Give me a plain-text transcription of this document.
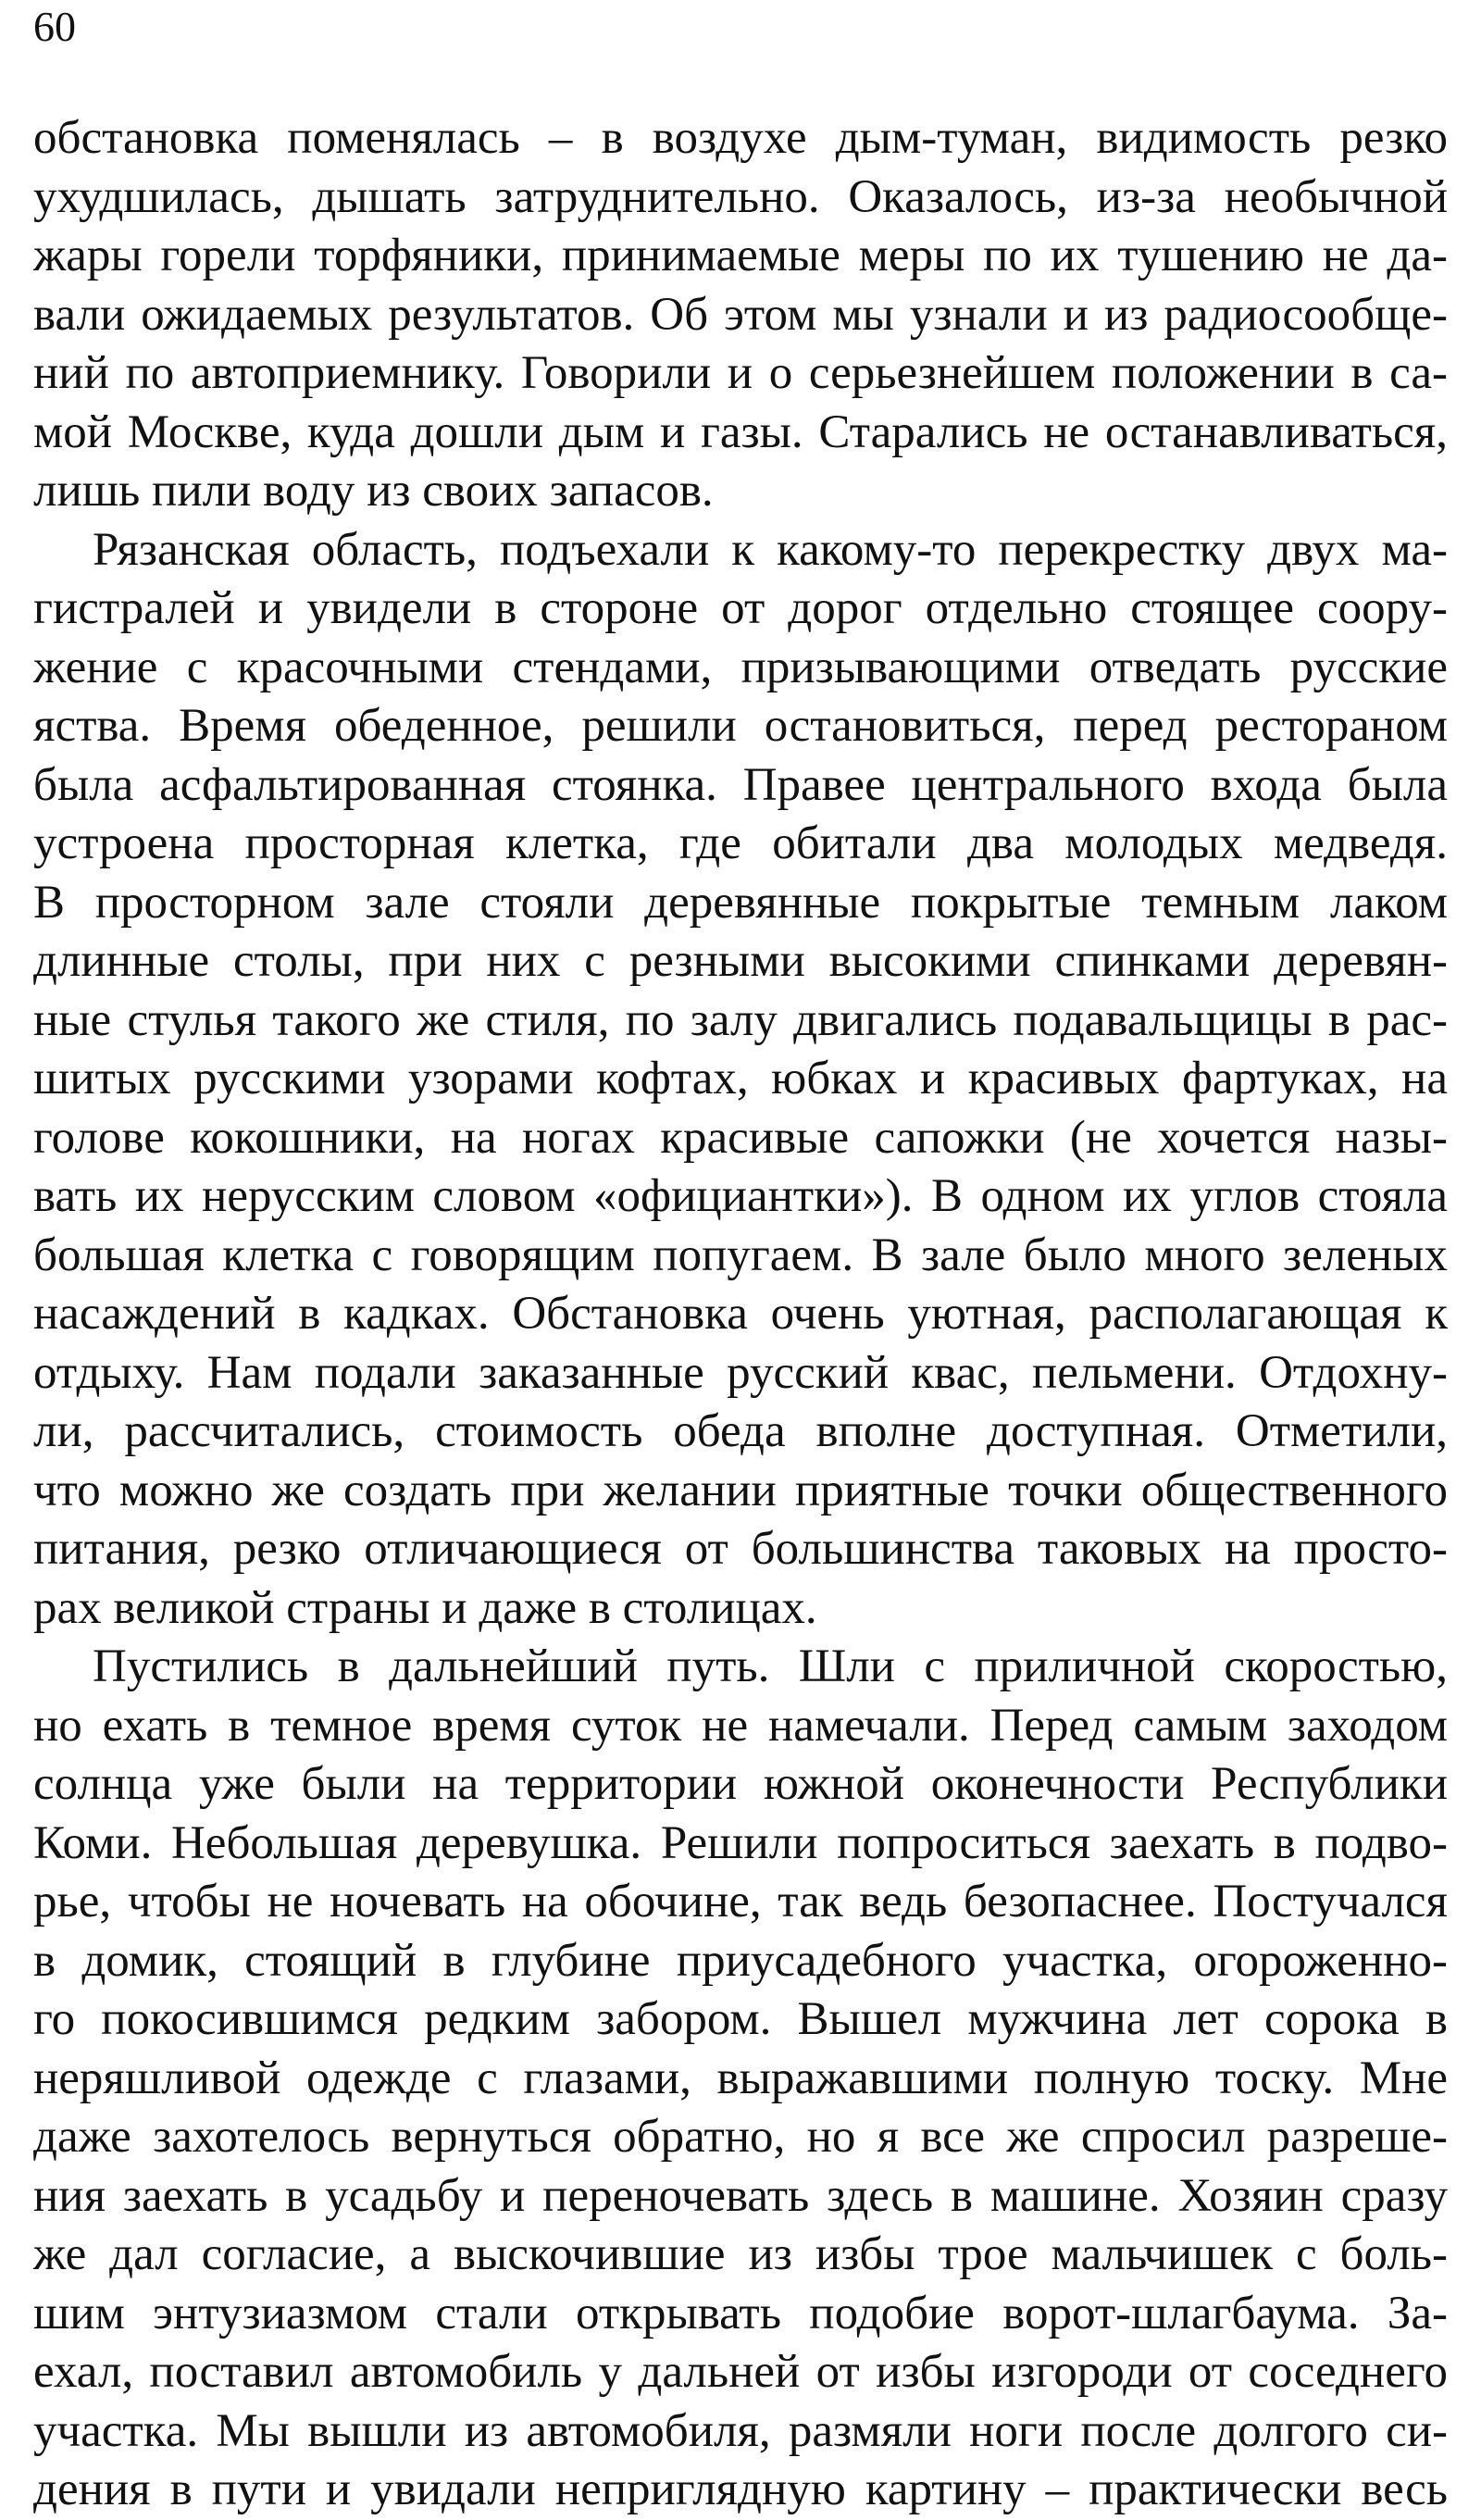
60
обстановка поменялась – в воздухе дым-туман, видимость резко
ухудшилась, дышать затруднительно. Оказалось, из-за необычной
жары горели торфяники, принимаемые меры по их тушению не да-
вали ожидаемых результатов. Об этом мы узнали и из радиосообще-
ний по автоприемнику. Говорили и о серьезнейшем положении в са-
мой Москве, куда дошли дым и газы. Старались не останавливаться,
лишь пили воду из своих запасов.
Рязанская область, подъехали к какому-то перекрестку двух ма-
гистралей и увидели в стороне от дорог отдельно стоящее соору-
жение с красочными стендами, призывающими отведать русские
яства. Время обеденное, решили остановиться, перед рестораном
была асфальтированная стоянка. Правее центрального входа была
устроена просторная клетка, где обитали два молодых медведя.
В просторном зале стояли деревянные покрытые темным лаком
длинные столы, при них с резными высокими спинками деревян-
ные стулья такого же стиля, по залу двигались подавальщицы в рас-
шитых русскими узорами кофтах, юбках и красивых фартуках, на
голове кокошники, на ногах красивые сапожки (не хочется назы-
вать их нерусским словом «официантки»). В одном их углов стояла
большая клетка с говорящим попугаем. В зале было много зеленых
насаждений в кадках. Обстановка очень уютная, располагающая к
отдыху. Нам подали заказанные русский квас, пельмени. Отдохну-
ли, рассчитались, стоимость обеда вполне доступная. Отметили,
что можно же создать при желании приятные точки общественного
питания, резко отличающиеся от большинства таковых на просто-
рах великой страны и даже в столицах.
Пустились в дальнейший путь. Шли с приличной скоростью,
но ехать в темное время суток не намечали. Перед самым заходом
солнца уже были на территории южной оконечности Республики
Коми. Небольшая деревушка. Решили попроситься заехать в подво-
рье, чтобы не ночевать на обочине, так ведь безопаснее. Постучался
в домик, стоящий в глубине приусадебного участка, огороженно-
го покосившимся редким забором. Вышел мужчина лет сорока в
неряшливой одежде с глазами, выражавшими полную тоску. Мне
даже захотелось вернуться обратно, но я все же спросил разреше-
ния заехать в усадьбу и переночевать здесь в машине. Хозяин сразу
же дал согласие, а выскочившие из избы трое мальчишек с боль-
шим энтузиазмом стали открывать подобие ворот-шлагбаума. За-
ехал, поставил автомобиль у дальней от избы изгороди от соседнего
участка. Мы вышли из автомобиля, размяли ноги после долгого си-
дения в пути и увидали неприглядную картину – практически весь
